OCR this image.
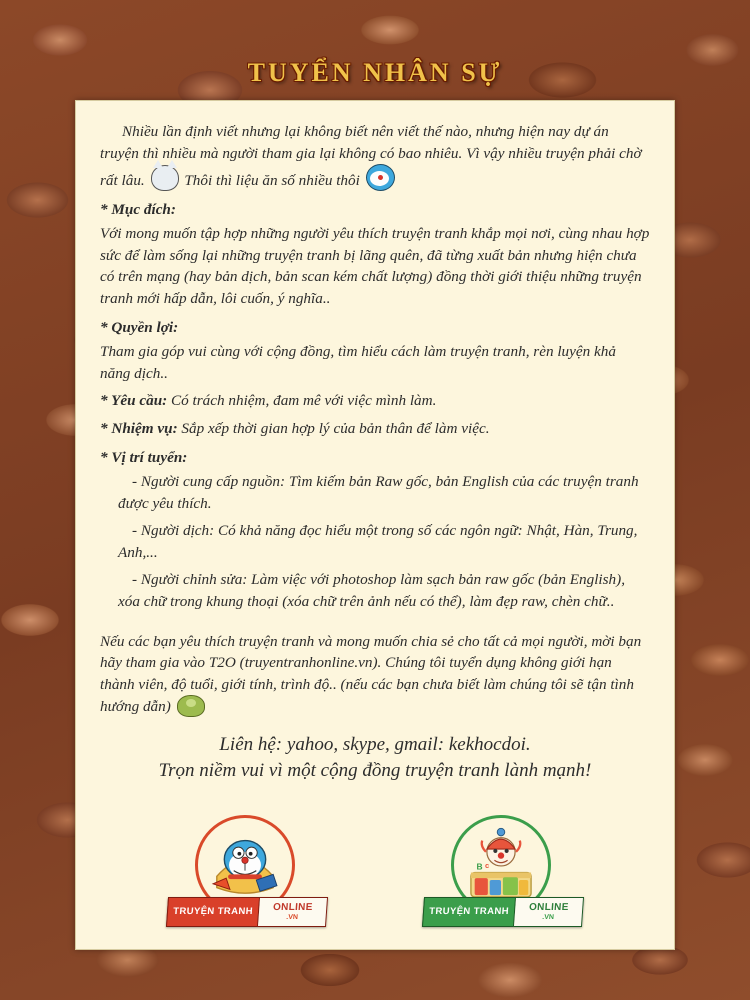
TUYỂN NHÂN SỰ

Nhiều lần định viết nhưng lại không biết nên viết thế nào, nhưng hiện nay dự án truyện thì nhiều mà người tham gia lại không có bao nhiêu. Vì vậy nhiều truyện phải chờ rất lâu.	Thôi thì liệu ăn số nhiều thôi

* Mục đích:

Với mong muốn tập hợp những người yêu thích truyện tranh khắp mọi nơi, cùng nhau hợp sức để làm sống lại những truyện tranh bị lãng quên, đã từng xuất bản nhưng hiện chưa có trên mạng (hay bản dịch, bản scan kém chất lượng) đồng thời giới thiệu những truyện tranh mới hấp dẫn, lôi cuốn, ý nghĩa..

* Quyền lợi:

Tham gia góp vui cùng với cộng đồng, tìm hiểu cách làm truyện tranh, rèn luyện khả năng dịch..

* Yêu cầu: Có trách nhiệm, đam mê với việc mình làm.

* Nhiệm vụ: Sắp xếp thời gian hợp lý của bản thân để làm việc.

* Vị trí tuyển:

- Người cung cấp nguồn: Tìm kiếm bản Raw gốc, bản English của các truyện tranh được yêu thích.

- Người dịch: Có khả năng đọc hiểu một trong số các ngôn ngữ: Nhật, Hàn, Trung, Anh,...

- Người chỉnh sửa: Làm việc với photoshop làm sạch bản raw gốc (bản English), xóa chữ trong khung thoại (xóa chữ trên ảnh nếu có thể), làm đẹp raw, chèn chữ..

Nếu các bạn yêu thích truyện tranh và mong muốn chia sẻ cho tất cả mọi người, mời bạn hãy tham gia vào T2O (truyentranhonline.vn). Chúng tôi tuyển dụng không giới hạn thành viên, độ tuổi, giới tính, trình độ.. (nếu các bạn chưa biết làm chúng tôi sẽ tận tình hướng dẫn)

Liên hệ: yahoo, skype, gmail: kekhocdoi.
Trọn niềm vui vì một cộng đồng truyện tranh lành mạnh!
TRUYỆN TRANH	ONLINE
.VN
B c
TRUYỆN TRANH	ONLINE
.VN
